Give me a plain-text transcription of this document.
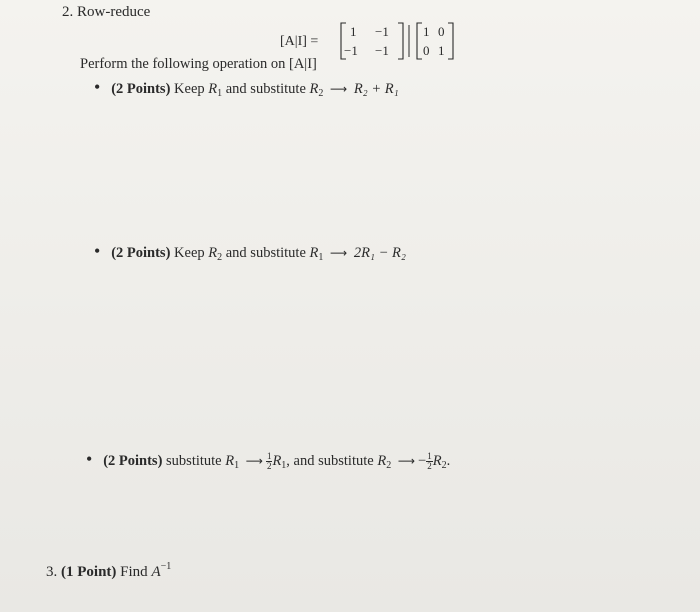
2. Row-reduce
[A|I] =
1 −1
−1 −1
1 0
0 1
Perform the following operation on [A|I]
• (2 Points) Keep $R_1$ and substitute $R_2$ ⟶ R₂ + R₁
• (2 Points) Keep $R_2$ and substitute $R_1$ ⟶ 2R₁ − R₂
• (2 Points) substitute $R_1$ ⟶ $\frac{1}{2} R_1$, and substitute $R_2$ ⟶ − $\frac{1}{2} R_2$.
3. (1 Point) Find $A^{-1}$
